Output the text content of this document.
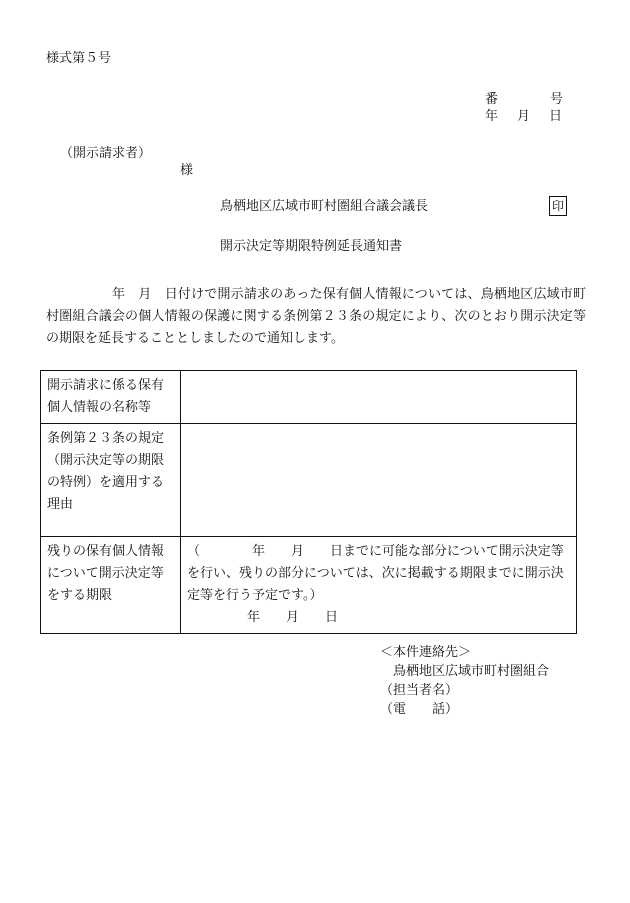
様式第５号
番	号
年 月 日
（開示請求者）
様
鳥栖地区広域市町村圏組合議会議長	印
開示決定等期限特例延長通知書
年　月　日付けで開示請求のあった保有個人情報については、鳥栖地区広域市町村圏組合議会の個人情報の保護に関する条例第２３条の規定により、次のとおり開示決定等の期限を延長することとしましたので通知します。
開示請求に係る保有個人情報の名称等	
条例第２３条の規定（開示決定等の期限の特例）を適用する理由	
残りの保有個人情報について開示決定等をする期限	（　　　　年　　月　　日までに可能な部分について開示決定等を行い、残りの部分については、次に掲載する期限までに開示決定等を行う予定です。）
年　　月　　日
＜本件連絡先＞
鳥栖地区広域市町村圏組合
（担当者名）
（電　　話）
